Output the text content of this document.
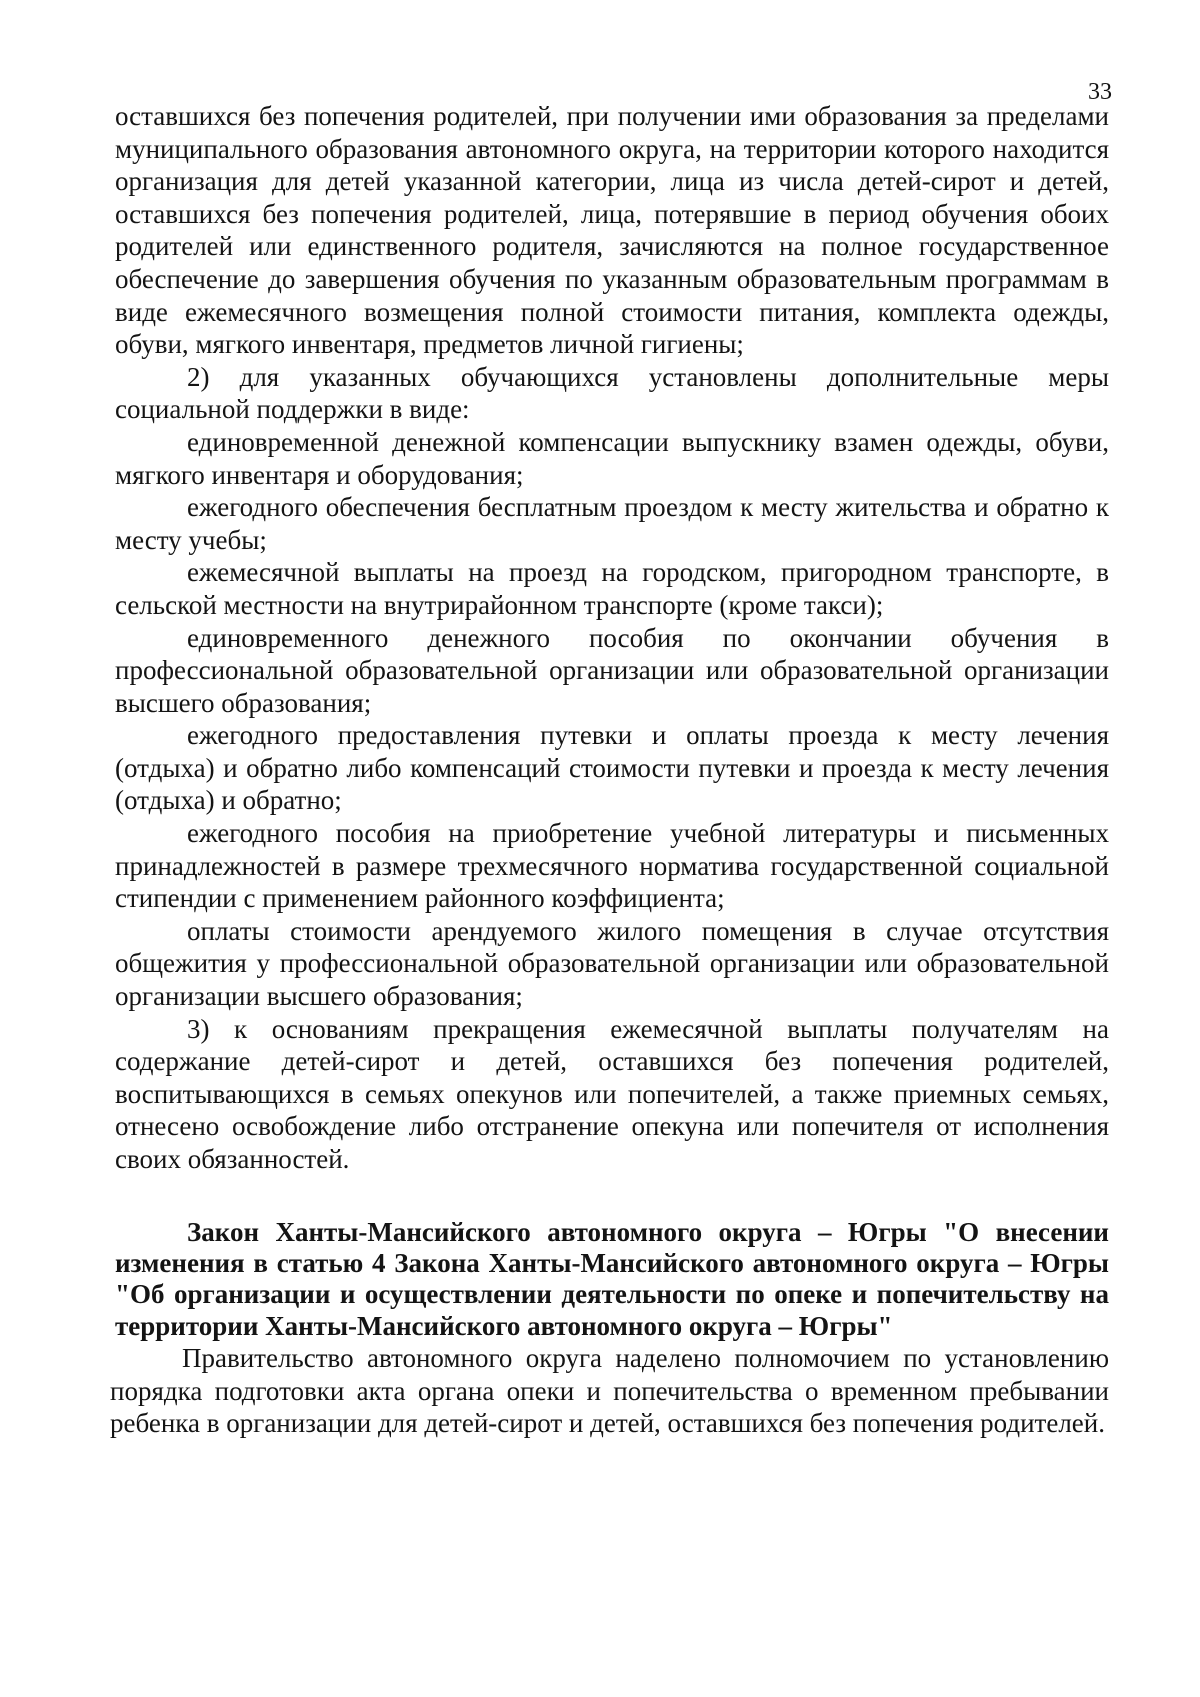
33

оставшихся без попечения родителей, при получении ими образования за пределами муниципального образования автономного округа, на территории которого находится организация для детей указанной категории, лица из числа детей-сирот и детей, оставшихся без попечения родителей, лица, потерявшие в период обучения обоих родителей или единственного родителя, зачисляются на полное государственное обеспечение до завершения обучения по указанным образовательным программам в виде ежемесячного возмещения полной стоимости питания, комплекта одежды, обуви, мягкого инвентаря, предметов личной гигиены;

2) для указанных обучающихся установлены дополнительные меры социальной поддержки в виде:

единовременной денежной компенсации выпускнику взамен одежды, обуви, мягкого инвентаря и оборудования;

ежегодного обеспечения бесплатным проездом к месту жительства и обратно к месту учебы;

ежемесячной выплаты на проезд на городском, пригородном транспорте, в сельской местности на внутрирайонном транспорте (кроме такси);

единовременного денежного пособия по окончании обучения в профессиональной образовательной организации или образовательной организации высшего образования;

ежегодного предоставления путевки и оплаты проезда к месту лечения (отдыха) и обратно либо компенсаций стоимости путевки и проезда к месту лечения (отдыха) и обратно;

ежегодного пособия на приобретение учебной литературы и письменных принадлежностей в размере трехмесячного норматива государственной социальной стипендии с применением районного коэффициента;

оплаты стоимости арендуемого жилого помещения в случае отсутствия общежития у профессиональной образовательной организации или образовательной организации высшего образования;

3) к основаниям прекращения ежемесячной выплаты получателям на содержание детей-сирот и детей, оставшихся без попечения родителей, воспитывающихся в семьях опекунов или попечителей, а также приемных семьях, отнесено освобождение либо отстранение опекуна или попечителя от исполнения своих обязанностей.

Закон Ханты-Мансийского автономного округа – Югры "О внесении изменения в статью 4 Закона Ханты-Мансийского автономного округа – Югры "Об организации и осуществлении деятельности по опеке и попечительству на территории Ханты-Мансийского автономного округа – Югры"

Правительство автономного округа наделено полномочием по установлению порядка подготовки акта органа опеки и попечительства о временном пребывании ребенка в организации для детей-сирот и детей, оставшихся без попечения родителей.
